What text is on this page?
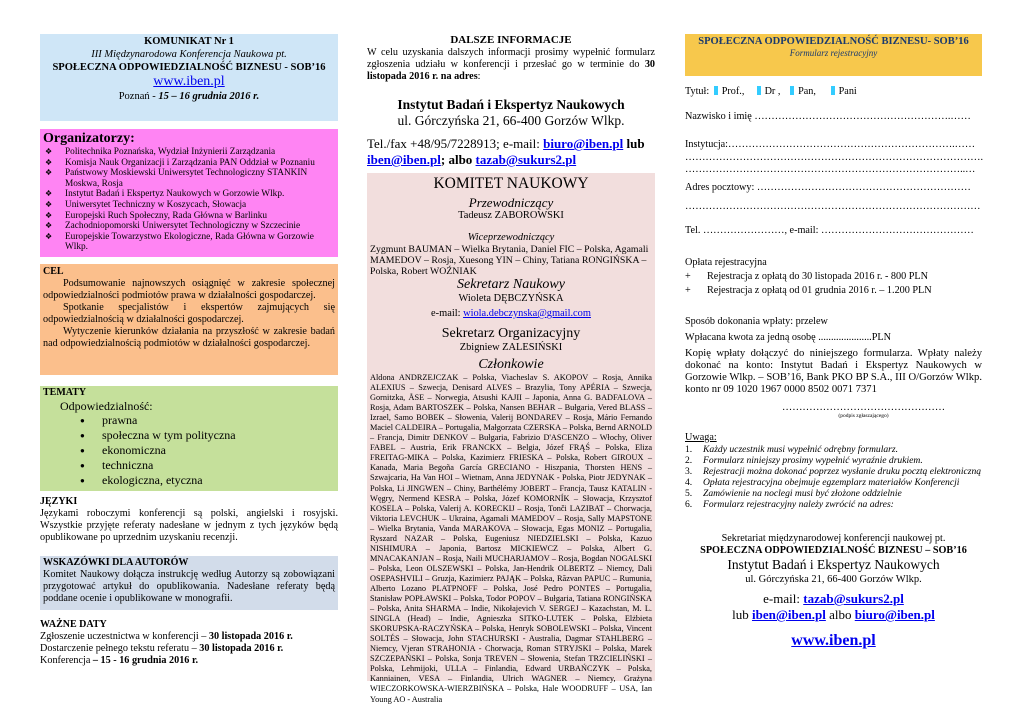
KOMUNIKAT Nr 1
III Międzynarodowa Konferencja Naukowa pt.
SPOŁECZNA ODPOWIEDZIALNOŚĆ BIZNESU - SOB’16
www.iben.pl
Poznań - 15 – 16 grudnia 2016 r.
Organizatorzy:
❖ Politechnika Poznańska, Wydział Inżynierii Zarządzania
❖ Komisja Nauk Organizacji i Zarządzania PAN Oddział w Poznaniu
❖ Państwowy Moskiewski Uniwersytet Technologiczny STANKIN Moskwa, Rosja
❖ Instytut Badań i Ekspertyz Naukowych w Gorzowie Wlkp.
❖ Uniwersytet Techniczny w Koszycach, Słowacja
❖ Europejski Ruch Społeczny, Rada Główna w Barlinku
❖ Zachodniopomorski Uniwersytet Technologiczny w Szczecinie
❖ Europejskie Towarzystwo Ekologiczne, Rada Główna w Gorzowie Wlkp.
CEL

Podsumowanie najnowszych osiągnięć w zakresie społecznej odpowiedzialności podmiotów prawa w działalności gospodarczej.

Spotkanie specjalistów i ekspertów zajmujących się odpowiedzialnością w działalności gospodarczej.

Wytyczenie kierunków działania na przyszłość w zakresie badań nad odpowiedzialnością podmiotów w działalności gospodarczej.

TEMATY
Odpowiedzialność:
● prawna
● społeczna w tym polityczna
● ekonomiczna
● techniczna
● ekologiczna, etyczna
JĘZYKI

Językami roboczymi konferencji są polski, angielski i rosyjski. Wszystkie przyjęte referaty nadesłane w jednym z tych języków będą opublikowane po uprzednim uzyskaniu recenzji.

WSKAZÓWKI DLA AUTORÓW

Komitet Naukowy dołącza instrukcję według Autorzy są zobowiązani przygotować artykuł do opublikowania. Nadesłane referaty będą poddane ocenie i opublikowane w monografii.

WAŻNE DATY
Zgłoszenie uczestnictwa w konferencji – 30 listopada 2016 r.
Dostarczenie pełnego tekstu referatu – 30 listopada 2016 r.
Konferencja – 15 - 16 grudnia 2016 r.
DALSZE INFORMACJE

W celu uzyskania dalszych informacji prosimy wypełnić formularz zgłoszenia udziału w konferencji i przesłać go w terminie do 30 listopada 2016 r. na adres:

Instytut Badań i Ekspertyz Naukowych
ul. Górczyńska 21, 66-400 Gorzów Wlkp.
Tel./fax +48/95/7228913; e-mail: biuro@iben.pl lub
iben@iben.pl; albo tazab@sukurs2.pl
KOMITET NAUKOWY
Przewodniczący
Tadeusz ZABOROWSKI
Wiceprzewodniczący
Zygmunt BAUMAN – Wielka Brytania, Daniel FIC – Polska, Agamali MAMEDOV – Rosja, Xuesong YIN – Chiny, Tatiana RONGIŃSKA – Polska, Robert WOŹNIAK
Sekretarz Naukowy
Wioleta DĘBCZYŃSKA
e-mail: wiola.debczynska@gmail.com
Sekretarz Organizacyjny
Zbigniew ZALESIŃSKI
Członkowie
Aldona ANDRZEJCZAK – Polska, Viacheslav S. AKOPOV – Rosja, Annika ALEXIUS – Szwecja, Denisard ALVES – Brazylia, Tony APÉRIA – Szwecja, Gornitzka, ÅSE – Norwegia, Atsushi KAJII – Japonia, Anna G. BADFALOVA – Rosja, Adam BARTOSZEK – Polska, Nansen BEHAR – Bułgaria, Vered BLASS – Izrael, Samo BOBEK – Słowenia, Valerij BONDAREV – Rosja, Mário Fernando Maciel CALDEIRA – Portugalia, Małgorzata CZERSKA – Polska, Bernd ARNOLD – Francja, Dimitr DENKOV – Bułgaria, Fabrizio D'ASCENZO – Włochy, Oliver FABEL – Austria, Erik FRANCKX – Belgia, Józef FRĄŚ – Polska, Eliza FREITAG-MIKA – Polska, Kazimierz FRIESKA – Polska, Robert GIROUX – Kanada, Maria Begoña García GRECIANO - Hiszpania, Thorsten HENS – Szwajcaria, Ha Van HOI – Wietnam, Anna JEDYNAK - Polska, Piotr JEDYNAK – Polska, Li JINGWEN – Chiny, Barthélémy JOBERT – Francja, Tausz KATALIN - Węgry, Nermend KESRA – Polska, Józef KOMORNÍK – Słowacja, Krzysztof KOSELA – Polska, Valerij A. KORECKIJ – Rosja, Tonči LAZIBAT – Chorwacja, Viktoria LEVCHUK – Ukraina, Agamali MAMEDOV – Rosja, Sally MAPSTONE – Wielka Brytania, Vanda MARAKOVA – Słowacja, Egas MONIZ – Portugalia, Ryszard NAZAR – Polska, Eugeniusz NIEDZIELSKI – Polska, Kazuo NISHIMURA – Japonia, Bartosz MICKIEWCZ – Polska, Albert G. MNACAKANJAN – Rosja, Naili MUCHARJAMOV – Rosja, Bogdan NOGALSKI – Polska, Leon OLSZEWSKI – Polska, Jan-Hendrik OLBERTZ – Niemcy, Dali OSEPASHVILI – Gruzja, Kazimierz PAJĄK – Polska, Răzvan PAPUC – Rumunia, Alberto Lozano PLATPNOFF – Polska, José Pedro PONTES – Portugalia, Stanisław POPŁAWSKI – Polska, Todor POPOV – Bułgaria, Tatiana RONGIŃSKA – Polska, Anita SHARMA – Indie, Nikołajevich V. SERGEJ – Kazachstan, M. L. SINGLA (Head) – Indie, Agnieszka SITKO-LUTEK – Polska, Elżbieta SKORUPSKA-RACZYŃSKA – Polska, Henryk SOBOLEWSKI – Polska, Vincent SOLTÉS – Słowacja, John STACHURSKI - Australia, Dagmar STAHLBERG – Niemcy, Vjeran STRAHONJA - Chorwacja, Roman STRYJSKI – Polska, Marek SZCZEPAŃSKI – Polska, Sonja TREVEN – Słowenia, Stefan TRZCIELIŃSKI – Polska, Lehmijoki, ULLA – Finlandia, Edward URBAŃCZYK – Polska, Kanniainen, VESA – Finlandia, Ulrich WAGNER – Niemcy, Grażyna WIECZORKOWSKA-WIERZBIŃSKA – Polska, Hale WOODRUFF – USA, Ian Young AO - Australia
SPOŁECZNA ODPOWIEDZIALNOŚĆ BIZNESU- SOB’16
Formularz rejestracyjny
Tytuł: Prof., Dr , Pan, Pani
Nazwisko i imię ………………………………………………….……
Instytucja:………………………………………………………….……
…………………………………………………………………………….
………………………………………………………………………..…
Adres pocztowy: ………………………………………………………
……………………………………………………………………………
Tel. ……………………, e-mail: ………………………………………
Opłata rejestracyjna
+ Rejestracja z opłatą do 30 listopada 2016 r. - 800 PLN
+ Rejestracja z opłatą od 01 grudnia 2016 r. – 1.200 PLN
Sposób dokonania wpłaty: przelew
Wpłacana kwota za jedną osobę .....................PLN
Kopię wpłaty dołączyć do niniejszego formularza. Wpłaty należy dokonać na konto: Instytut Badań i Ekspertyz Naukowych w Gorzowie Wlkp. – SOB’16, Bank PKO BP S.A., III O/Gorzów Wlkp. konto nr 09 1020 1967 0000 8502 0071 7371
…………………………………………
(podpis zgłaszającego)
Uwaga:
1. Każdy uczestnik musi wypełnić odrębny formularz.
2. Formularz niniejszy prosimy wypełnić wyraźnie drukiem.
3. Rejestracji można dokonać poprzez wysłanie druku pocztą elektroniczną
4. Opłata rejestracyjna obejmuje egzemplarz materiałów Konferencji
5. Zamówienie na noclegi musi być złożone oddzielnie
6. Formularz rejestracyjny należy zwrócić na adres:
Sekretariat międzynarodowej konferencji naukowej pt.
SPOŁECZNA ODPOWIEDZIALNOŚĆ BIZNESU – SOB’16
Instytut Badań i Ekspertyz Naukowych
ul. Górczyńska 21, 66-400 Gorzów Wlkp.
e-mail: tazab@sukurs2.pl
lub iben@iben.pl albo biuro@iben.pl
www.iben.pl
